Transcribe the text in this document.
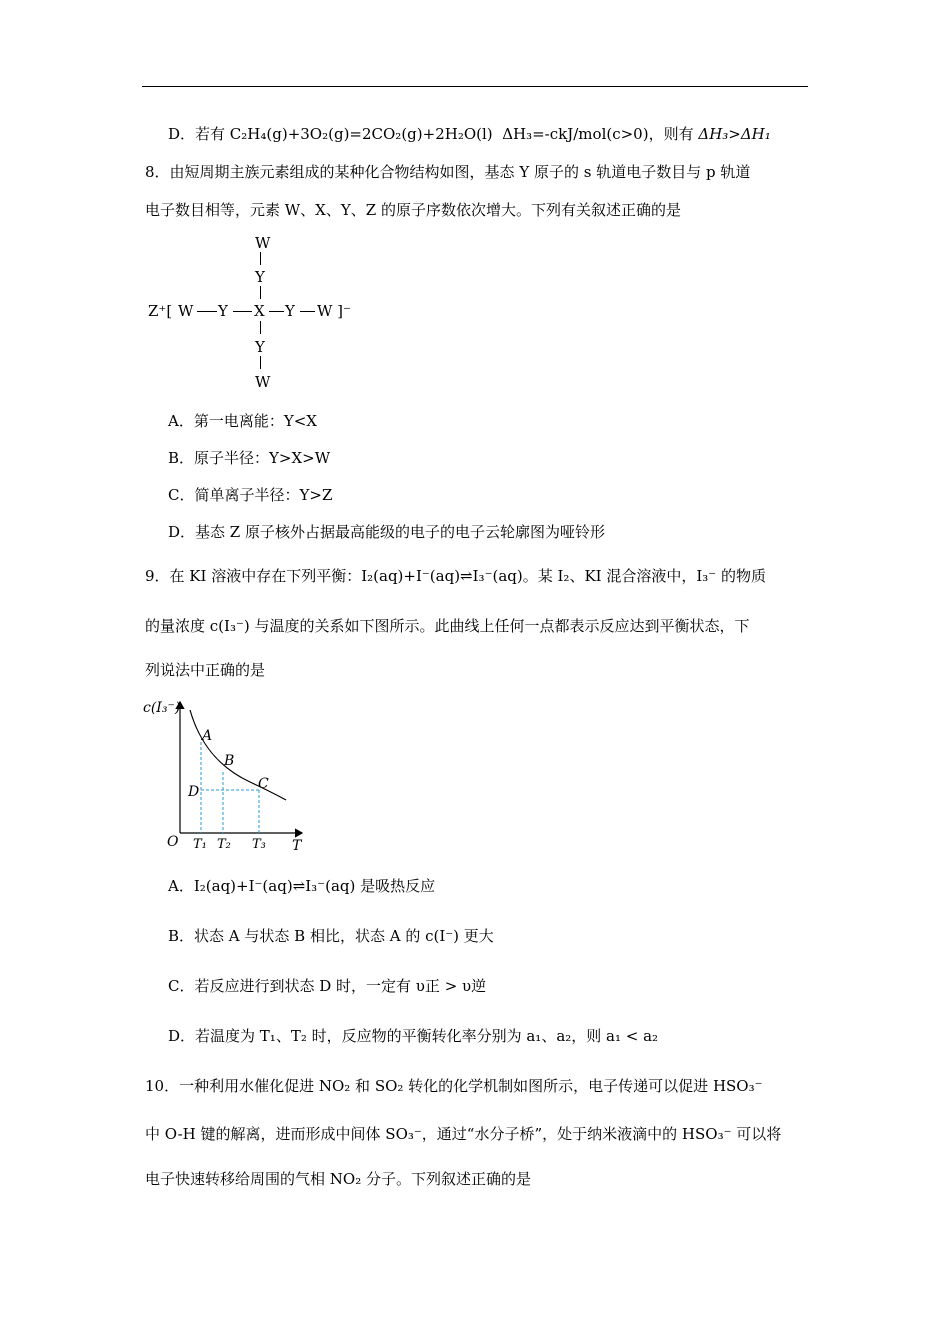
D．若有 C₂H₄(g)+3O₂(g)=2CO₂(g)+2H₂O(l) ΔH₃=-ckJ/mol(c>0)，则有 ΔH₃>ΔH₁
8．由短周期主族元素组成的某种化合物结构如图，基态 Y 原子的 s 轨道电子数目与 p 轨道
电子数目相等，元素 W、X、Y、Z 的原子序数依次增大。下列有关叙述正确的是
W
Y
Z⁺[ W Y X Y W ]⁻
Y
W
A．第一电离能：Y<X
B．原子半径：Y>X>W
C．简单离子半径：Y>Z
D．基态 Z 原子核外占据最高能级的电子的电子云轮廓图为哑铃形
9．在 KI 溶液中存在下列平衡：I₂(aq)+I⁻(aq)⇌I₃⁻(aq)。某 I₂、KI 混合溶液中，I₃⁻ 的物质
的量浓度 c(I₃⁻) 与温度的关系如下图所示。此曲线上任何一点都表示反应达到平衡状态，下
列说法中正确的是
c(I₃⁻)
A
B
C
D
O T₁ T₂ T₃ T
A．I₂(aq)+I⁻(aq)⇌I₃⁻(aq) 是吸热反应
B．状态 A 与状态 B 相比，状态 A 的 c(I⁻) 更大
C．若反应进行到状态 D 时，一定有 υ正 > υ逆
D．若温度为 T₁、T₂ 时，反应物的平衡转化率分别为 a₁、a₂，则 a₁ < a₂
10．一种利用水催化促进 NO₂ 和 SO₂ 转化的化学机制如图所示，电子传递可以促进 HSO₃⁻
中 O-H 键的解离，进而形成中间体 SO₃⁻，通过“水分子桥”，处于纳米液滴中的 HSO₃⁻ 可以将
电子快速转移给周围的气相 NO₂ 分子。下列叙述正确的是
